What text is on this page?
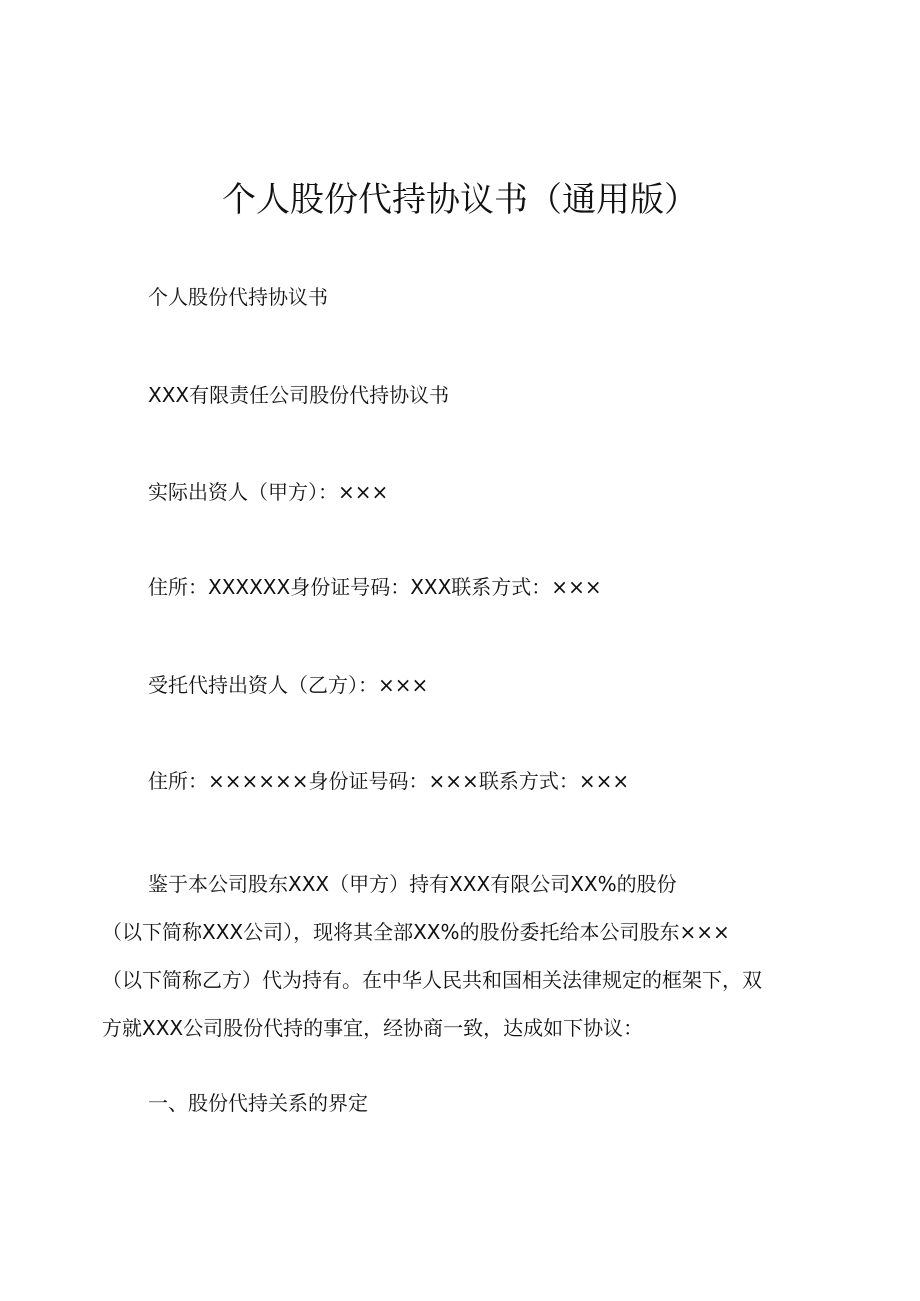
个人股份代持协议书（通用版）

个人股份代持协议书

XXX有限责任公司股份代持协议书

实际出资人（甲方）：×××

住所：XXXXXX身份证号码：XXX联系方式：×××

受托代持出资人（乙方）：×××

住所：××××××身份证号码：×××联系方式：×××

鉴于本公司股东XXX（甲方）持有XXX有限公司XX%的股份
（以下简称XXX公司），现将其全部XX%的股份委托给本公司股东×××
（以下简称乙方）代为持有。在中华人民共和国相关法律规定的框架下，双
方就XXX公司股份代持的事宜，经协商一致，达成如下协议：

一、股份代持关系的界定
